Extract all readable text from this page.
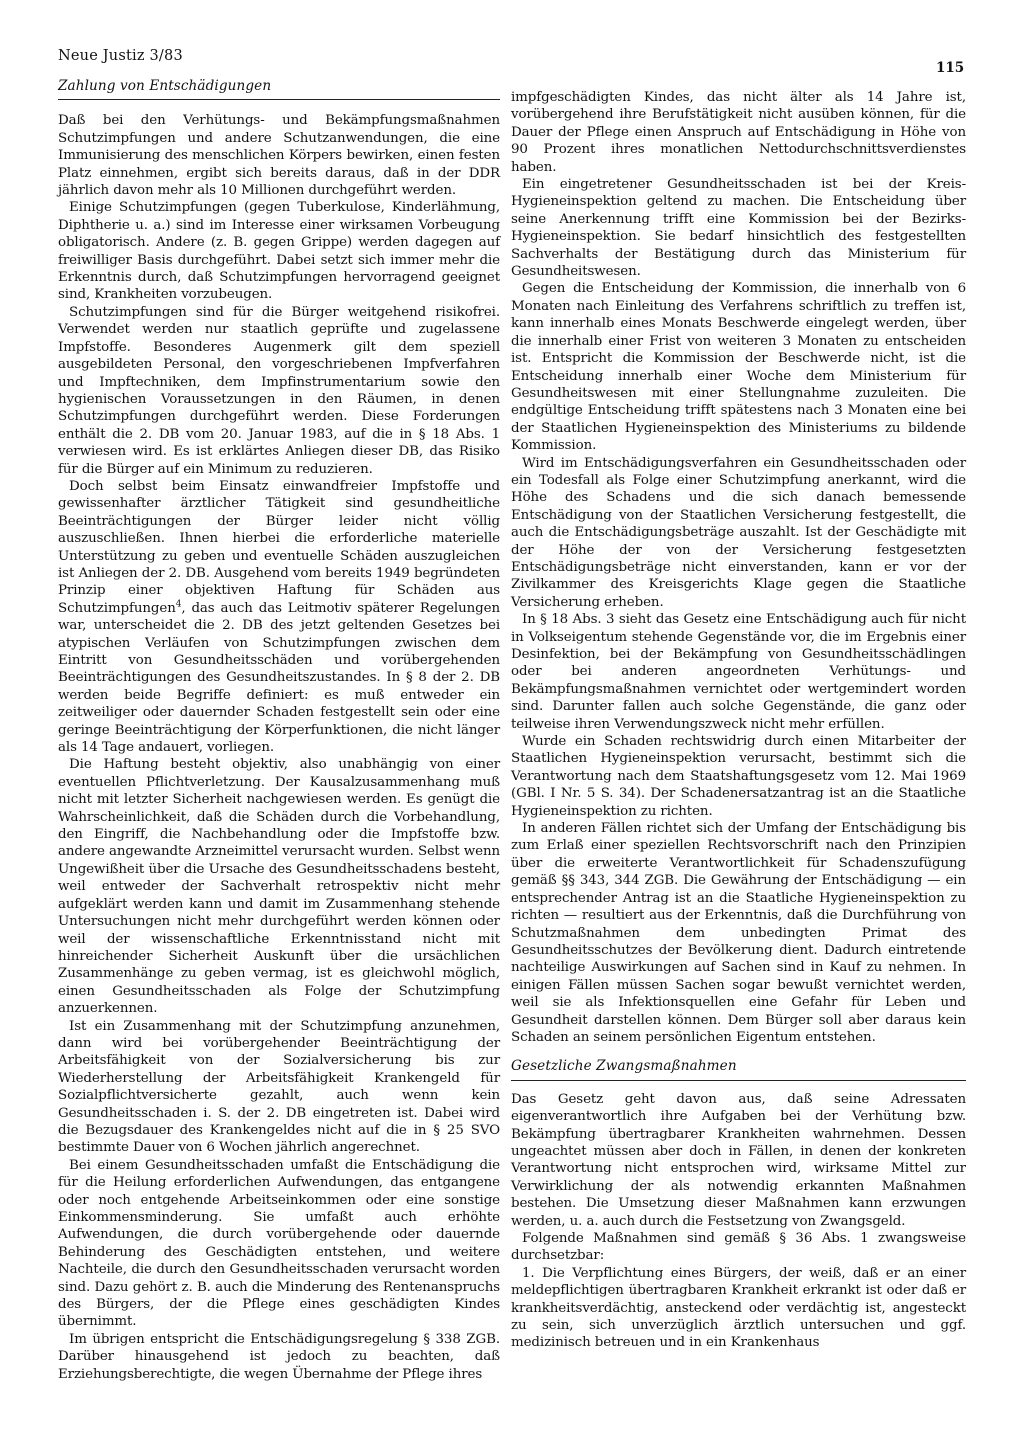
Neue Justiz 3/83
115
Zahlung von Entschädigungen

Daß bei den Verhütungs- und Bekämpfungsmaßnahmen Schutzimpfungen und andere Schutzanwendungen, die eine Immunisierung des menschlichen Körpers bewirken, einen festen Platz einnehmen, ergibt sich bereits daraus, daß in der DDR jährlich davon mehr als 10 Millionen durchgeführt werden.

Einige Schutzimpfungen (gegen Tuberkulose, Kinderlähmung, Diphtherie u. a.) sind im Interesse einer wirksamen Vorbeugung obligatorisch. Andere (z. B. gegen Grippe) werden dagegen auf freiwilliger Basis durchgeführt. Dabei setzt sich immer mehr die Erkenntnis durch, daß Schutzimpfungen hervorragend geeignet sind, Krankheiten vorzubeugen.

Schutzimpfungen sind für die Bürger weitgehend risikofrei. Verwendet werden nur staatlich geprüfte und zugelassene Impfstoffe. Besonderes Augenmerk gilt dem speziell ausgebildeten Personal, den vorgeschriebenen Impfverfahren und Impftechniken, dem Impfinstrumentarium sowie den hygienischen Voraussetzungen in den Räumen, in denen Schutzimpfungen durchgeführt werden. Diese Forderungen enthält die 2. DB vom 20. Januar 1983, auf die in § 18 Abs. 1 verwiesen wird. Es ist erklärtes Anliegen dieser DB, das Risiko für die Bürger auf ein Minimum zu reduzieren.

Doch selbst beim Einsatz einwandfreier Impfstoffe und gewissenhafter ärztlicher Tätigkeit sind gesundheitliche Beeinträchtigungen der Bürger leider nicht völlig auszuschließen. Ihnen hierbei die erforderliche materielle Unterstützung zu geben und eventuelle Schäden auszugleichen ist Anliegen der 2. DB. Ausgehend vom bereits 1949 begründeten Prinzip einer objektiven Haftung für Schäden aus Schutzimpfungen$^4$, das auch das Leitmotiv späterer Regelungen war, unterscheidet die 2. DB des jetzt geltenden Gesetzes bei atypischen Verläufen von Schutzimpfungen zwischen dem Eintritt von Gesundheitsschäden und vorübergehenden Beeinträchtigungen des Gesundheitszustandes. In § 8 der 2. DB werden beide Begriffe definiert: es muß entweder ein zeitweiliger oder dauernder Schaden festgestellt sein oder eine geringe Beeinträchtigung der Körperfunktionen, die nicht länger als 14 Tage andauert, vorliegen.

Die Haftung besteht objektiv, also unabhängig von einer eventuellen Pflichtverletzung. Der Kausalzusammenhang muß nicht mit letzter Sicherheit nachgewiesen werden. Es genügt die Wahrscheinlichkeit, daß die Schäden durch die Vorbehandlung, den Eingriff, die Nachbehandlung oder die Impfstoffe bzw. andere angewandte Arzneimittel verursacht wurden. Selbst wenn Ungewißheit über die Ursache des Gesundheitsschadens besteht, weil entweder der Sachverhalt retrospektiv nicht mehr aufgeklärt werden kann und damit im Zusammenhang stehende Untersuchungen nicht mehr durchgeführt werden können oder weil der wissenschaftliche Erkenntnisstand nicht mit hinreichender Sicherheit Auskunft über die ursächlichen Zusammenhänge zu geben vermag, ist es gleichwohl möglich, einen Gesundheitsschaden als Folge der Schutzimpfung anzuerkennen.

Ist ein Zusammenhang mit der Schutzimpfung anzunehmen, dann wird bei vorübergehender Beeinträchtigung der Arbeitsfähigkeit von der Sozialversicherung bis zur Wiederherstellung der Arbeitsfähigkeit Krankengeld für Sozialpflichtversicherte gezahlt, auch wenn kein Gesundheitsschaden i. S. der 2. DB eingetreten ist. Dabei wird die Bezugsdauer des Krankengeldes nicht auf die in § 25 SVO bestimmte Dauer von 6 Wochen jährlich angerechnet.

Bei einem Gesundheitsschaden umfaßt die Entschädigung die für die Heilung erforderlichen Aufwendungen, das entgangene oder noch entgehende Arbeitseinkommen oder eine sonstige Einkommensminderung. Sie umfaßt auch erhöhte Aufwendungen, die durch vorübergehende oder dauernde Behinderung des Geschädigten entstehen, und weitere Nachteile, die durch den Gesundheitsschaden verursacht worden sind. Dazu gehört z. B. auch die Minderung des Rentenanspruchs des Bürgers, der die Pflege eines geschädigten Kindes übernimmt.

Im übrigen entspricht die Entschädigungsregelung § 338 ZGB. Darüber hinausgehend ist jedoch zu beachten, daß Erziehungsberechtigte, die wegen Übernahme der Pflege ihres

impfgeschädigten Kindes, das nicht älter als 14 Jahre ist, vorübergehend ihre Berufstätigkeit nicht ausüben können, für die Dauer der Pflege einen Anspruch auf Entschädigung in Höhe von 90 Prozent ihres monatlichen Nettodurchschnittsverdienstes haben.

Ein eingetretener Gesundheitsschaden ist bei der Kreis-Hygieneinspektion geltend zu machen. Die Entscheidung über seine Anerkennung trifft eine Kommission bei der Bezirks-Hygieneinspektion. Sie bedarf hinsichtlich des festgestellten Sachverhalts der Bestätigung durch das Ministerium für Gesundheitswesen.

Gegen die Entscheidung der Kommission, die innerhalb von 6 Monaten nach Einleitung des Verfahrens schriftlich zu treffen ist, kann innerhalb eines Monats Beschwerde eingelegt werden, über die innerhalb einer Frist von weiteren 3 Monaten zu entscheiden ist. Entspricht die Kommission der Beschwerde nicht, ist die Entscheidung innerhalb einer Woche dem Ministerium für Gesundheitswesen mit einer Stellungnahme zuzuleiten. Die endgültige Entscheidung trifft spätestens nach 3 Monaten eine bei der Staatlichen Hygieneinspektion des Ministeriums zu bildende Kommission.

Wird im Entschädigungsverfahren ein Gesundheitsschaden oder ein Todesfall als Folge einer Schutzimpfung anerkannt, wird die Höhe des Schadens und die sich danach bemessende Entschädigung von der Staatlichen Versicherung festgestellt, die auch die Entschädigungsbeträge auszahlt. Ist der Geschädigte mit der Höhe der von der Versicherung festgesetzten Entschädigungsbeträge nicht einverstanden, kann er vor der Zivilkammer des Kreisgerichts Klage gegen die Staatliche Versicherung erheben.

In § 18 Abs. 3 sieht das Gesetz eine Entschädigung auch für nicht in Volkseigentum stehende Gegenstände vor, die im Ergebnis einer Desinfektion, bei der Bekämpfung von Gesundheitsschädlingen oder bei anderen angeordneten Verhütungs- und Bekämpfungsmaßnahmen vernichtet oder wertgemindert worden sind. Darunter fallen auch solche Gegenstände, die ganz oder teilweise ihren Verwendungszweck nicht mehr erfüllen.

Wurde ein Schaden rechtswidrig durch einen Mitarbeiter der Staatlichen Hygieneinspektion verursacht, bestimmt sich die Verantwortung nach dem Staatshaftungsgesetz vom 12. Mai 1969 (GBl. I Nr. 5 S. 34). Der Schadenersatzantrag ist an die Staatliche Hygieneinspektion zu richten.

In anderen Fällen richtet sich der Umfang der Entschädigung bis zum Erlaß einer speziellen Rechtsvorschrift nach den Prinzipien über die erweiterte Verantwortlichkeit für Schadenszufügung gemäß §§ 343, 344 ZGB. Die Gewährung der Entschädigung — ein entsprechender Antrag ist an die Staatliche Hygieneinspektion zu richten — resultiert aus der Erkenntnis, daß die Durchführung von Schutzmaßnahmen dem unbedingten Primat des Gesundheitsschutzes der Bevölkerung dient. Dadurch eintretende nachteilige Auswirkungen auf Sachen sind in Kauf zu nehmen. In einigen Fällen müssen Sachen sogar bewußt vernichtet werden, weil sie als Infektionsquellen eine Gefahr für Leben und Gesundheit darstellen können. Dem Bürger soll aber daraus kein Schaden an seinem persönlichen Eigentum entstehen.

Gesetzliche Zwangsmaßnahmen

Das Gesetz geht davon aus, daß seine Adressaten eigenverantwortlich ihre Aufgaben bei der Verhütung bzw. Bekämpfung übertragbarer Krankheiten wahrnehmen. Dessen ungeachtet müssen aber doch in Fällen, in denen der konkreten Verantwortung nicht entsprochen wird, wirksame Mittel zur Verwirklichung der als notwendig erkannten Maßnahmen bestehen. Die Umsetzung dieser Maßnahmen kann erzwungen werden, u. a. auch durch die Festsetzung von Zwangsgeld.

Folgende Maßnahmen sind gemäß § 36 Abs. 1 zwangsweise durchsetzbar:

1. Die Verpflichtung eines Bürgers, der weiß, daß er an einer meldepflichtigen übertragbaren Krankheit erkrankt ist oder daß er krankheitsverdächtig, ansteckend oder verdächtig ist, angesteckt zu sein, sich unverzüglich ärztlich untersuchen und ggf. medizinisch betreuen und in ein Krankenhaus
